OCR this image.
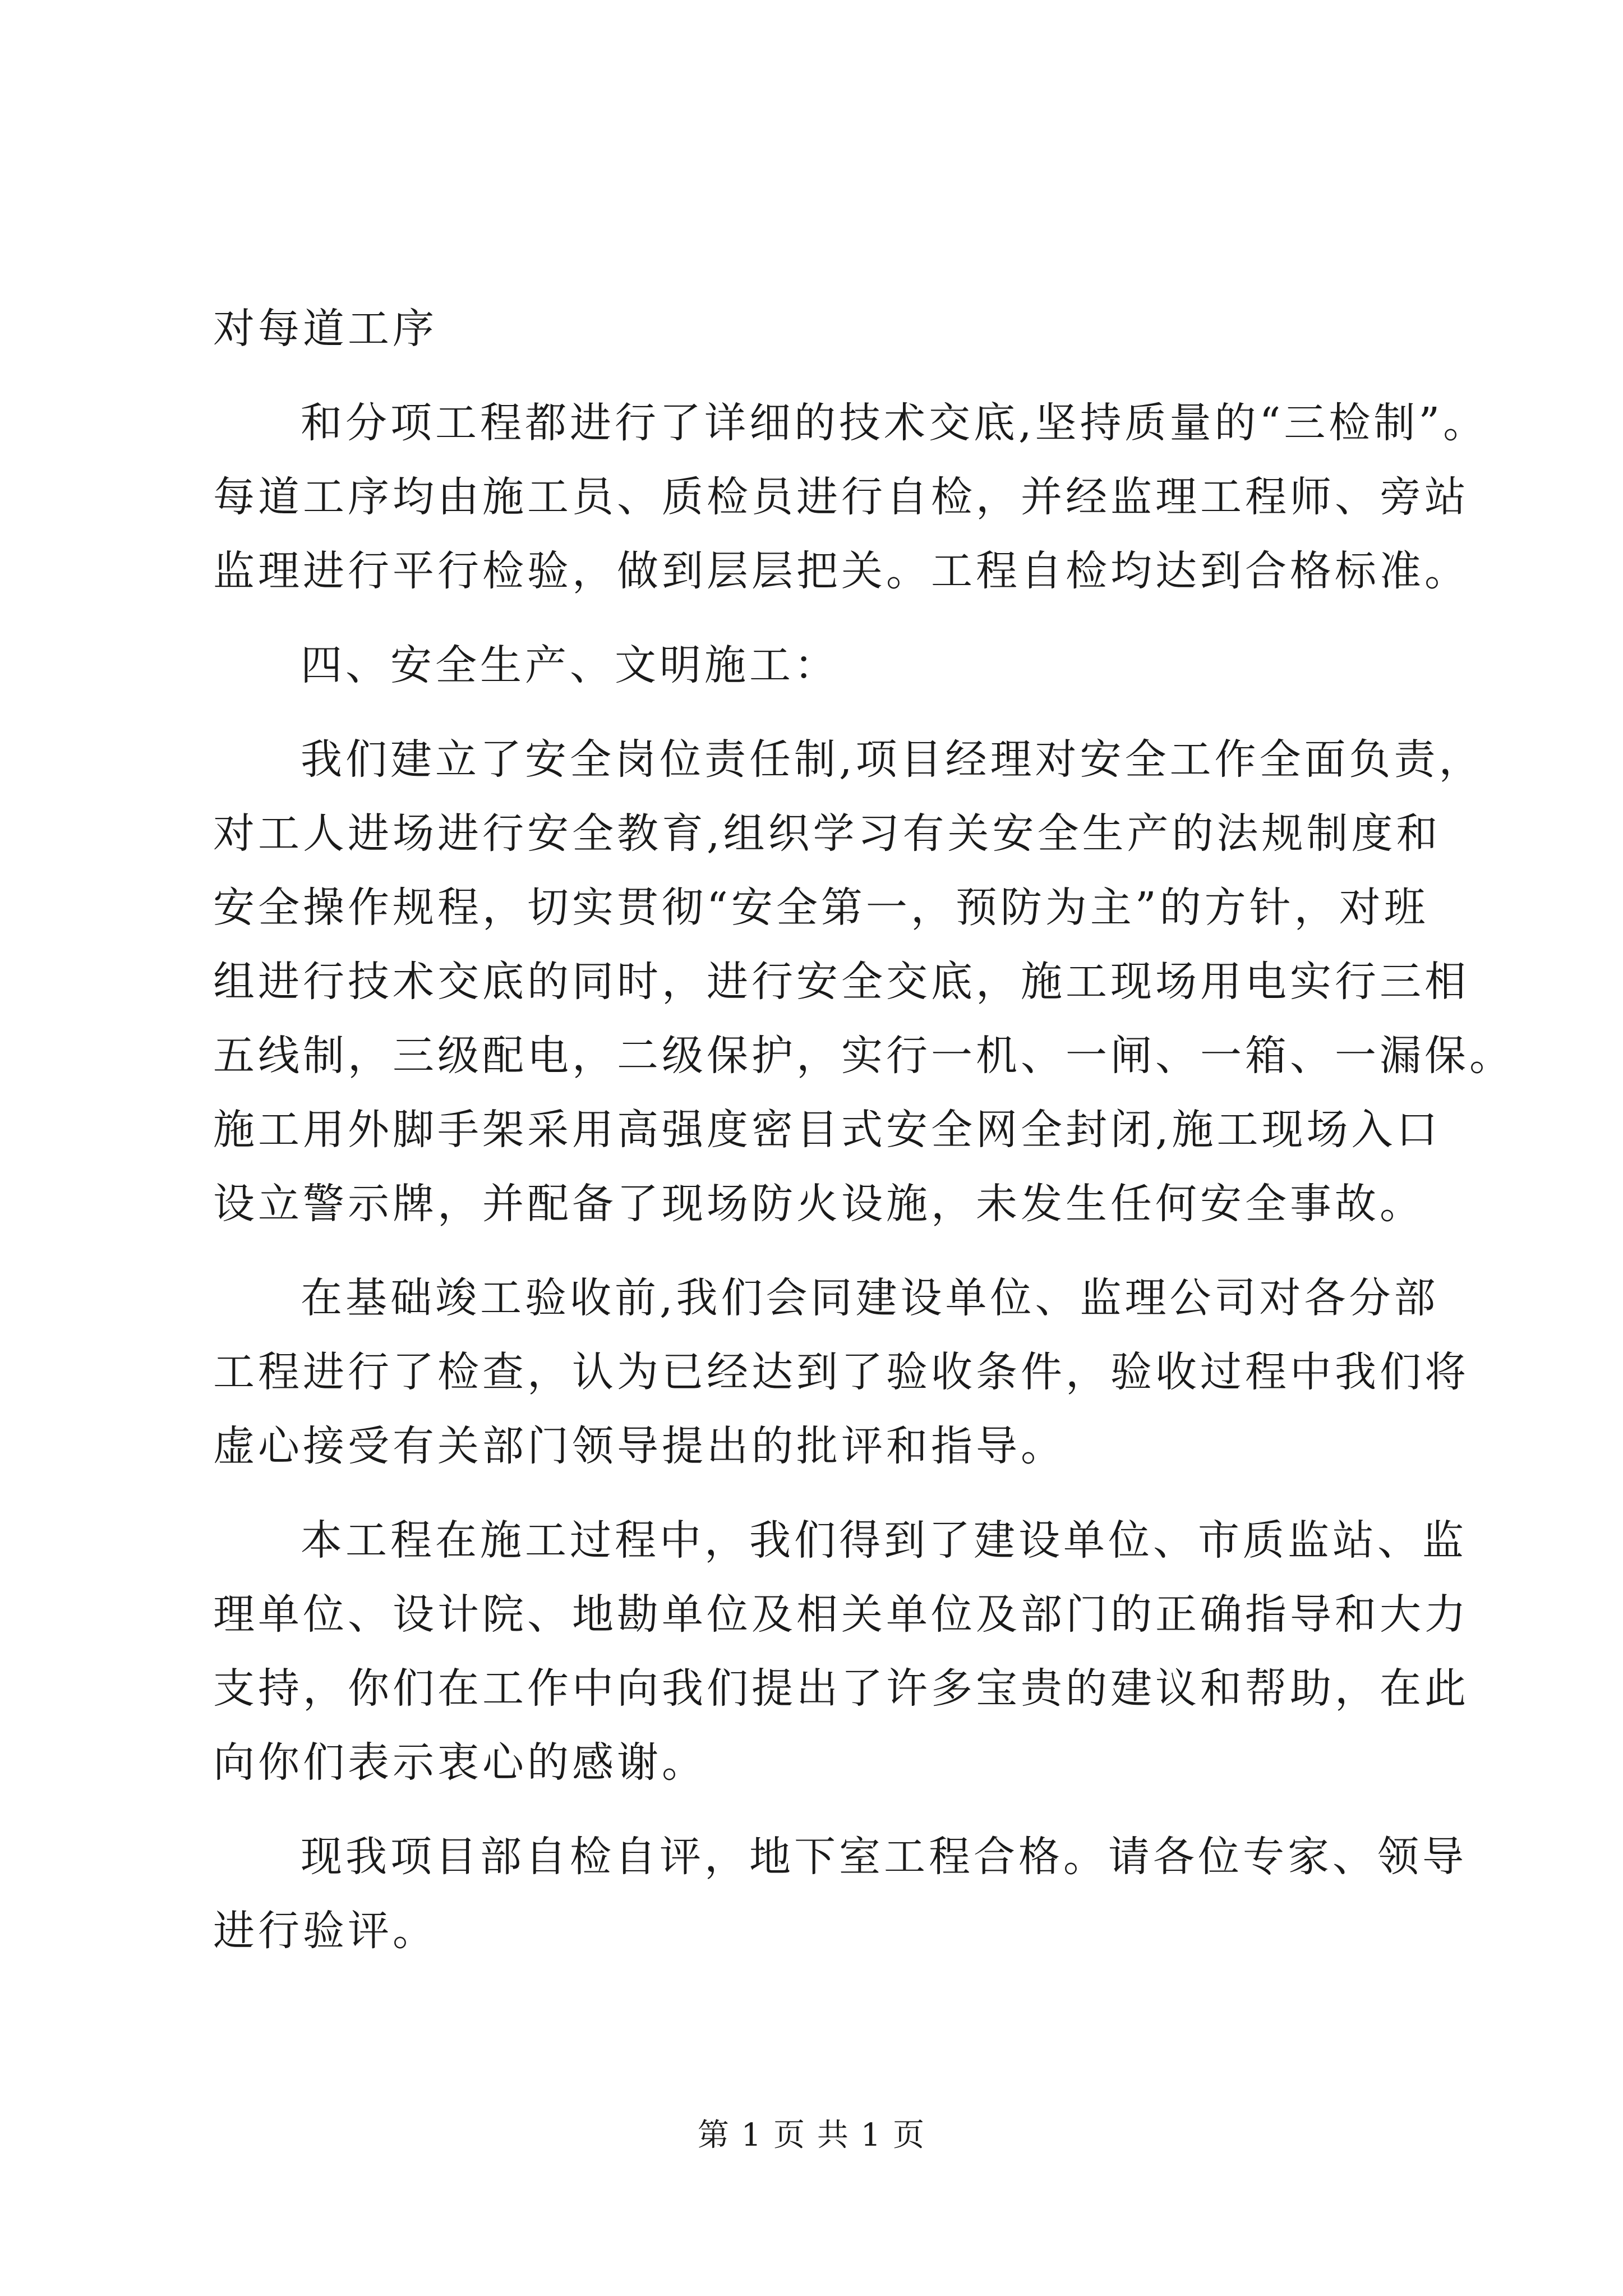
对每道工序
和分项工程都进行了详细的技术交底,坚持质量的“三检制”。
每道工序均由施工员、质检员进行自检，并经监理工程师、旁站
监理进行平行检验，做到层层把关。工程自检均达到合格标准。
四、安全生产、文明施工：
我们建立了安全岗位责任制,项目经理对安全工作全面负责，
对工人进场进行安全教育,组织学习有关安全生产的法规制度和
安全操作规程，切实贯彻“安全第一，预防为主”的方针，对班
组进行技术交底的同时，进行安全交底，施工现场用电实行三相
五线制，三级配电，二级保护，实行一机、一闸、一箱、一漏保。
施工用外脚手架采用高强度密目式安全网全封闭,施工现场入口
设立警示牌，并配备了现场防火设施，未发生任何安全事故。
在基础竣工验收前,我们会同建设单位、监理公司对各分部
工程进行了检查，认为已经达到了验收条件，验收过程中我们将
虚心接受有关部门领导提出的批评和指导。
本工程在施工过程中，我们得到了建设单位、市质监站、监
理单位、设计院、地勘单位及相关单位及部门的正确指导和大力
支持，你们在工作中向我们提出了许多宝贵的建议和帮助，在此
向你们表示衷心的感谢。
现我项目部自检自评，地下室工程合格。请各位专家、领导
进行验评。
第 1 页 共 1 页
